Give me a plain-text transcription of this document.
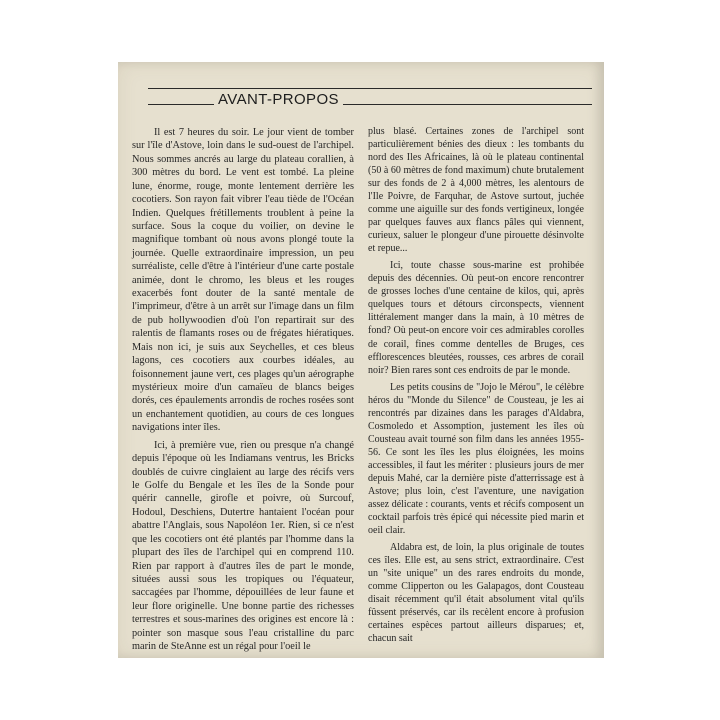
AVANT-PROPOS

Il est 7 heures du soir. Le jour vient de tomber sur l'île d'Astove, loin dans le sud-ouest de l'archipel. Nous sommes ancrés au large du plateau corallien, à 300 mètres du bord. Le vent est tombé. La pleine lune, énorme, rouge, monte lentement derrière les cocotiers. Son rayon fait vibrer l'eau tiède de l'Océan Indien. Quelques frétillements troublent à peine la surface. Sous la coque du voilier, on devine le magnifique tombant où nous avons plongé toute la journée. Quelle extraordinaire impression, un peu surréaliste, celle d'être à l'intérieur d'une carte postale animée, dont le chromo, les bleus et les rouges exacerbés font douter de la santé mentale de l'imprimeur, d'être à un arrêt sur l'image dans un film de pub hollywoodien d'où l'on repartirait sur des ralentis de flamants roses ou de frégates hiératiques. Mais non ici, je suis aux Seychelles, et ces bleus lagons, ces cocotiers aux courbes idéales, au foisonnement jaune vert, ces plages qu'un aérographe mystérieux moire d'un camaïeu de blancs beiges dorés, ces épaulements arrondis de roches rosées sont un enchantement quotidien, au cours de ces longues navigations inter îles.

Ici, à première vue, rien ou presque n'a changé depuis l'époque où les Indiamans ventrus, les Bricks doublés de cuivre cinglaient au large des récifs vers le Golfe du Bengale et les îles de la Sonde pour quérir cannelle, girofle et poivre, où Surcouf, Hodoul, Deschiens, Dutertre hantaient l'océan pour abattre l'Anglais, sous Napoléon 1er. Rien, si ce n'est que les cocotiers ont été plantés par l'homme dans la plupart des îles de l'archipel qui en comprend 110. Rien par rapport à d'autres îles de part le monde, situées aussi sous les tropiques ou l'équateur, saccagées par l'homme, dépouillées de leur faune et leur flore originelle. Une bonne partie des richesses terrestres et sous-marines des origines est encore là : pointer son masque sous l'eau cristalline du parc marin de SteAnne est un régal pour l'oeil le

plus blasé. Certaines zones de l'archipel sont particulièrement bénies des dieux : les tombants du nord des Iles Africaines, là où le plateau continental (50 à 60 mètres de fond maximum) chute brutalement sur des fonds de 2 à 4,000 mètres, les alentours de l'Ile Poivre, de Farquhar, de Astove surtout, juchée comme une aiguille sur des fonds vertigineux, longée par quelques fauves aux flancs pâles qui viennent, curieux, saluer le plongeur d'une pirouette désinvolte et repue...

Ici, toute chasse sous-marine est prohibée depuis des décennies. Où peut-on encore rencontrer de grosses loches d'une centaine de kilos, qui, après quelques tours et détours circonspects, viennent littéralement manger dans la main, à 10 mètres de fond? Où peut-on encore voir ces admirables corolles de corail, fines comme dentelles de Bruges, ces efflorescences bleutées, rousses, ces arbres de corail noir? Bien rares sont ces endroits de par le monde.

Les petits cousins de "Jojo le Mérou", le célèbre héros du "Monde du Silence" de Cousteau, je les ai rencontrés par dizaines dans les parages d'Aldabra, Cosmoledo et Assomption, justement les îles où Cousteau avait tourné son film dans les années 1955-56. Ce sont les îles les plus éloignées, les moins accessibles, il faut les mériter : plusieurs jours de mer depuis Mahé, car la dernière piste d'atterrissage est à Astove; plus loin, c'est l'aventure, une navigation assez délicate : courants, vents et récifs composent un cocktail parfois très épicé qui nécessite pied marin et oeil clair.

Aldabra est, de loin, la plus originale de toutes ces îles. Elle est, au sens strict, extraordinaire. C'est un "site unique" un des rares endroits du monde, comme Clipperton ou les Galapagos, dont Cousteau disait récemment qu'il était absolument vital qu'ils fûssent préservés, car ils recèlent encore à profusion certaines espèces partout ailleurs disparues; et, chacun sait
